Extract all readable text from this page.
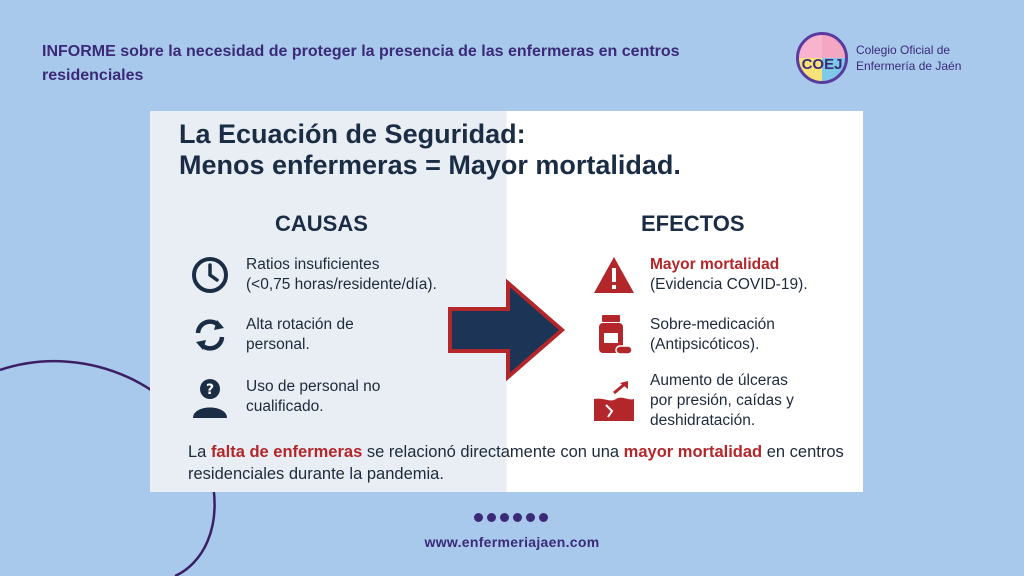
INFORME sobre la necesidad de proteger la presencia de las enfermeras en centros residenciales
COEJ
Colegio Oficial de
Enfermería de Jaén
La Ecuación de Seguridad:
Menos enfermeras = Mayor mortalidad.
CAUSAS	EFECTOS
Ratios insuficientes
(<0,75 horas/residente/día).
Alta rotación de
personal.
? Uso de personal no
cualificado.
Mayor mortalidad
(Evidencia COVID-19).
Sobre-medicación
(Antipsicóticos).
Aumento de úlceras
por presión, caídas y
deshidratación.
La falta de enfermeras se relacionó directamente con una mayor mortalidad en centros residenciales durante la pandemia.
www.enfermeriajaen.com
